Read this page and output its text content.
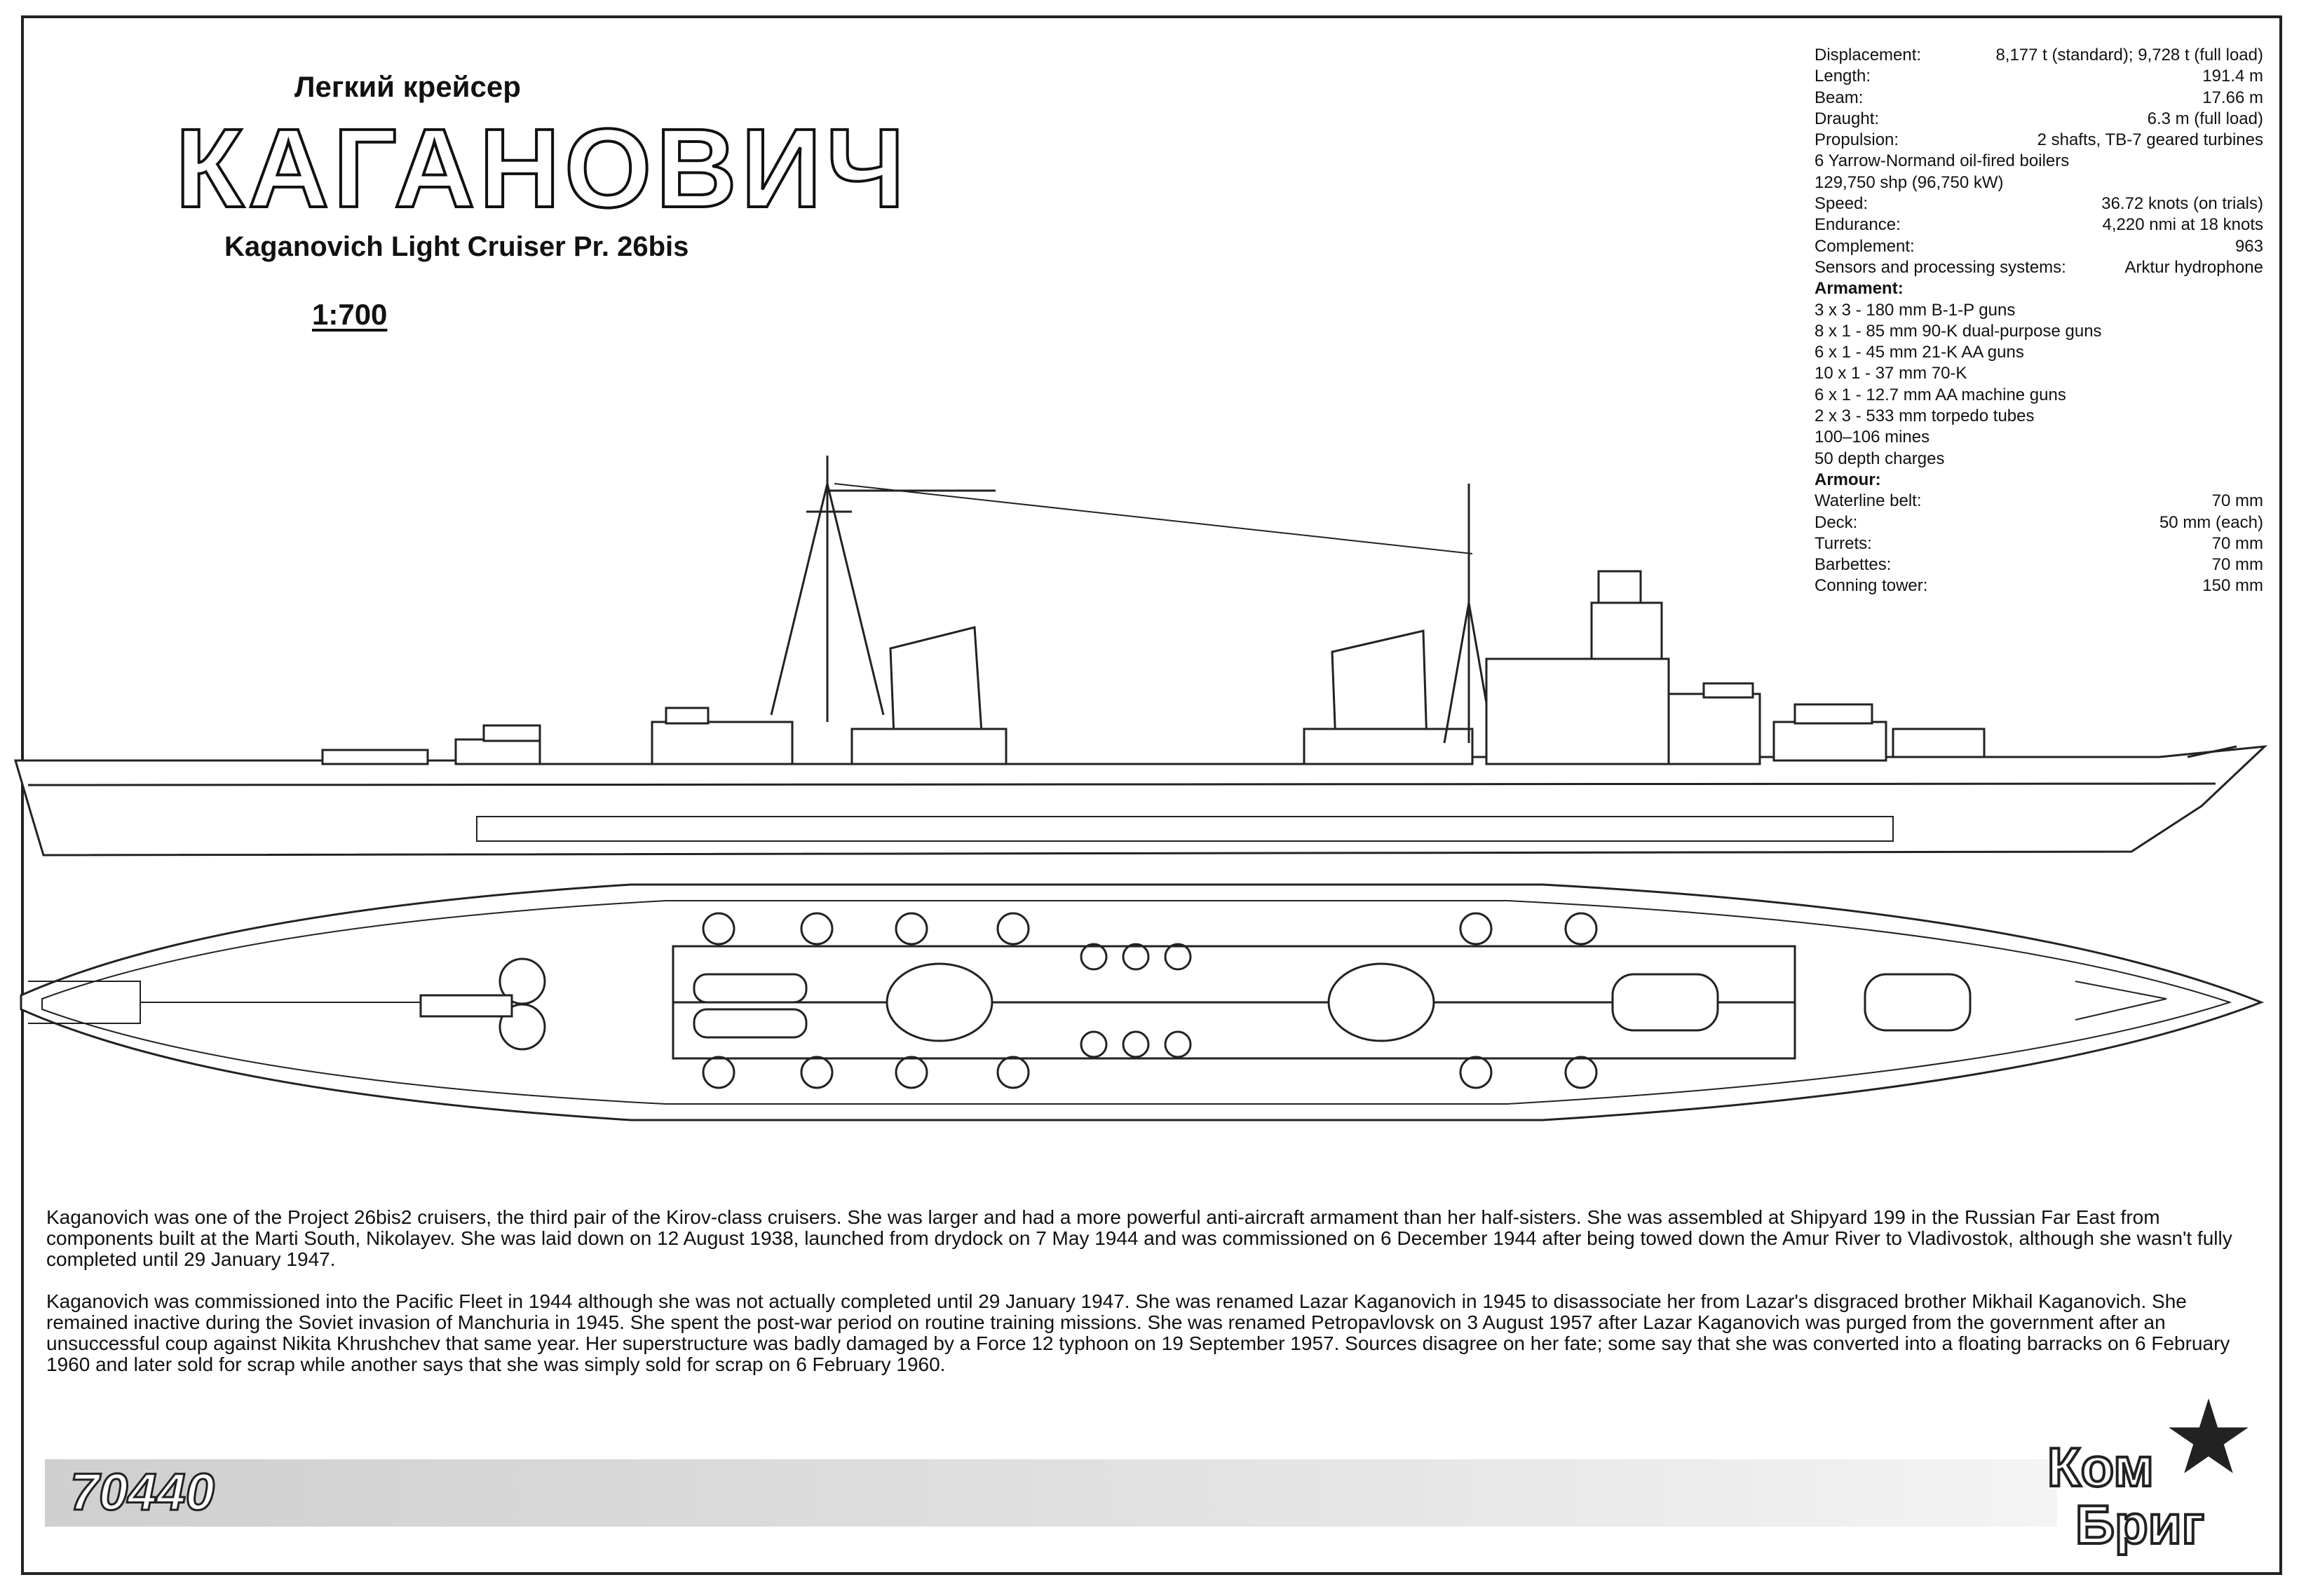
Легкий крейсер
КАГАНОВИЧ
Kaganovich Light Cruiser Pr. 26bis
1:700
Displacement:	8,177 t (standard); 9,728 t (full load)
Length:	191.4 m
Beam:	17.66 m
Draught:	6.3 m (full load)
Propulsion:	2 shafts, TB-7 geared turbines
6 Yarrow-Normand oil-fired boilers
129,750 shp (96,750 kW)
Speed:	36.72 knots (on trials)
Endurance:	4,220 nmi at 18 knots
Complement:	963
Sensors and processing systems:	Arktur hydrophone
Armament:
3 x 3 - 180 mm B-1-P guns
8 x 1 - 85 mm 90-K dual-purpose guns
6 x 1 - 45 mm 21-K AA guns
10 x 1 - 37 mm 70-K
6 x 1 - 12.7 mm AA machine guns
2 x 3 - 533 mm torpedo tubes
100–106 mines
50 depth charges
Armour:
Waterline belt:	70 mm
Deck:	50 mm (each)
Turrets:	70 mm
Barbettes:	70 mm
Conning tower:	150 mm

Kaganovich was one of the Project 26bis2 cruisers, the third pair of the Kirov-class cruisers. She was larger and had a more powerful anti-aircraft armament than her half-sisters. She was assembled at Shipyard 199 in the Russian Far East from components built at the Marti South, Nikolayev. She was laid down on 12 August 1938, launched from drydock on 7 May 1944 and was commissioned on 6 December 1944 after being towed down the Amur River to Vladivostok, although she wasn't fully completed until 29 January 1947.

Kaganovich was commissioned into the Pacific Fleet in 1944 although she was not actually completed until 29 January 1947. She was renamed Lazar Kaganovich in 1945 to disassociate her from Lazar's disgraced brother Mikhail Kaganovich. She remained inactive during the Soviet invasion of Manchuria in 1945. She spent the post-war period on routine training missions. She was renamed Petropavlovsk on 3 August 1957 after Lazar Kaganovich was purged from the government after an unsuccessful coup against Nikita Khrushchev that same year. Her superstructure was badly damaged by a Force 12 typhoon on 19 September 1957. Sources disagree on her fate; some say that she was converted into a floating barracks on 6 February 1960 and later sold for scrap while another says that she was simply sold for scrap on 6 February 1960.

70440	Ком
Бриг
